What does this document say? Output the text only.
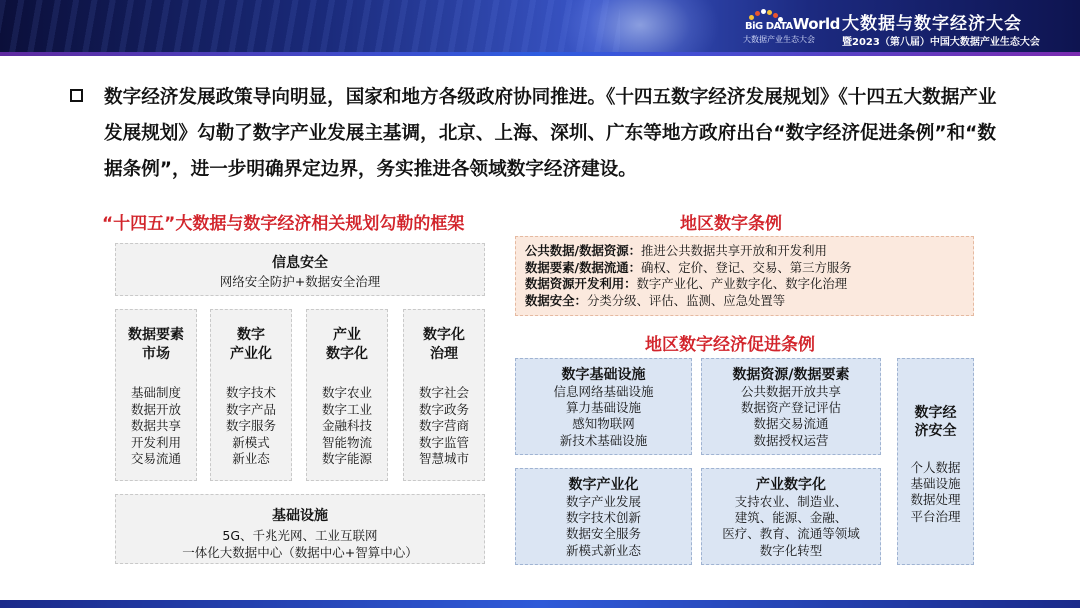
BiG DATAWorld
大数据产业生态大会
大数据与数字经济大会
暨2023（第八届）中国大数据产业生态大会

数字经济发展政策导向明显，国家和地方各级政府协同推进。《十四五数字经济发展规划》《十四五大数据产业发展规划》勾勒了数字产业发展主基调，北京、上海、深圳、广东等地方政府出台“数字经济促进条例”和“数据条例”，进一步明确界定边界，务实推进各领域数字经济建设。

“十四五”大数据与数字经济相关规划勾勒的框架
信息安全
网络安全防护+数据安全治理
数据要素
市场
基础制度
数据开放
数据共享
开发利用
交易流通
数字
产业化
数字技术
数字产品
数字服务
新模式
新业态
产业
数字化
数字农业
数字工业
金融科技
智能物流
数字能源
数字化
治理
数字社会
数字政务
数字营商
数字监管
智慧城市
基础设施
5G、千兆光网、工业互联网
一体化大数据中心（数据中心+智算中心）
地区数字条例
公共数据/数据资源：推进公共数据共享开放和开发利用
数据要素/数据流通：确权、定价、登记、交易、第三方服务
数据资源开发利用：数字产业化、产业数字化、数字化治理
数据安全：分类分级、评估、监测、应急处置等
地区数字经济促进条例
数字基础设施
信息网络基础设施
算力基础设施
感知物联网
新技术基础设施
数据资源/数据要素
公共数据开放共享
数据资产登记评估
数据交易流通
数据授权运营
数字产业化
数字产业发展
数字技术创新
数据安全服务
新模式新业态
产业数字化
支持农业、制造业、
建筑、能源、金融、
医疗、教育、流通等领域
数字化转型
数字经
济安全
个人数据
基础设施
数据处理
平台治理
